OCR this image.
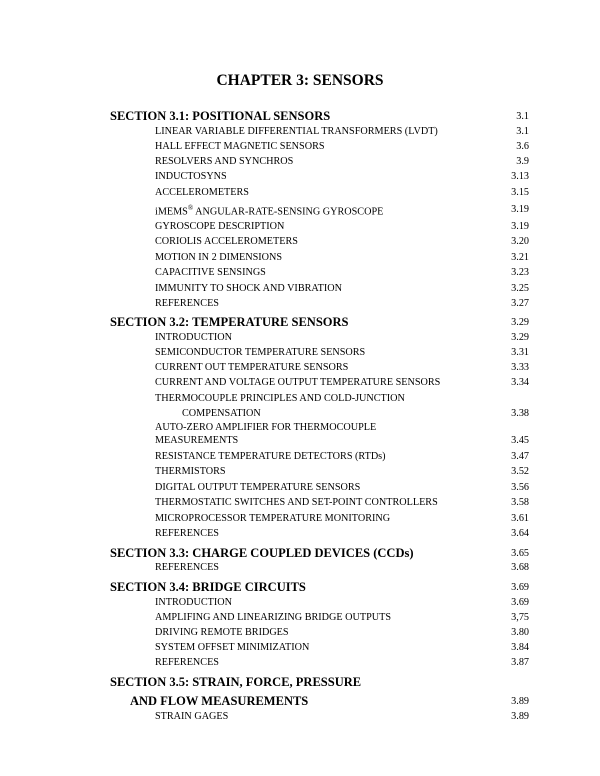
CHAPTER 3: SENSORS
SECTION 3.1: POSITIONAL SENSORS	3.1
LINEAR VARIABLE DIFFERENTIAL TRANSFORMERS (LVDT)	3.1
HALL EFFECT MAGNETIC SENSORS	3.6
RESOLVERS AND SYNCHROS	3.9
INDUCTOSYNS	3.13
ACCELEROMETERS	3.15
iMEMS® ANGULAR-RATE-SENSING GYROSCOPE	3.19
GYROSCOPE DESCRIPTION	3.19
CORIOLIS ACCELEROMETERS	3.20
MOTION IN 2 DIMENSIONS	3.21
CAPACITIVE SENSINGS	3.23
IMMUNITY TO SHOCK AND VIBRATION	3.25
REFERENCES	3.27
SECTION 3.2: TEMPERATURE SENSORS	3.29
INTRODUCTION	3.29
SEMICONDUCTOR TEMPERATURE SENSORS	3.31
CURRENT OUT TEMPERATURE SENSORS	3.33
CURRENT AND VOLTAGE OUTPUT TEMPERATURE SENSORS	3.34
THERMOCOUPLE PRINCIPLES AND COLD-JUNCTION
COMPENSATION	3.38
AUTO-ZERO AMPLIFIER FOR THERMOCOUPLE
MEASUREMENTS	3.45
RESISTANCE TEMPERATURE DETECTORS (RTDs)	3.47
THERMISTORS	3.52
DIGITAL OUTPUT TEMPERATURE SENSORS	3.56
THERMOSTATIC SWITCHES AND SET-POINT CONTROLLERS	3.58
MICROPROCESSOR TEMPERATURE MONITORING	3.61
REFERENCES	3.64
SECTION 3.3: CHARGE COUPLED DEVICES (CCDs)	3.65
REFERENCES	3.68
SECTION 3.4: BRIDGE CIRCUITS	3.69
INTRODUCTION	3.69
AMPLIFING AND LINEARIZING BRIDGE OUTPUTS	3,75
DRIVING REMOTE BRIDGES	3.80
SYSTEM OFFSET MINIMIZATION	3.84
REFERENCES	3.87
SECTION 3.5: STRAIN, FORCE, PRESSURE
AND FLOW MEASUREMENTS	3.89
STRAIN GAGES	3.89
